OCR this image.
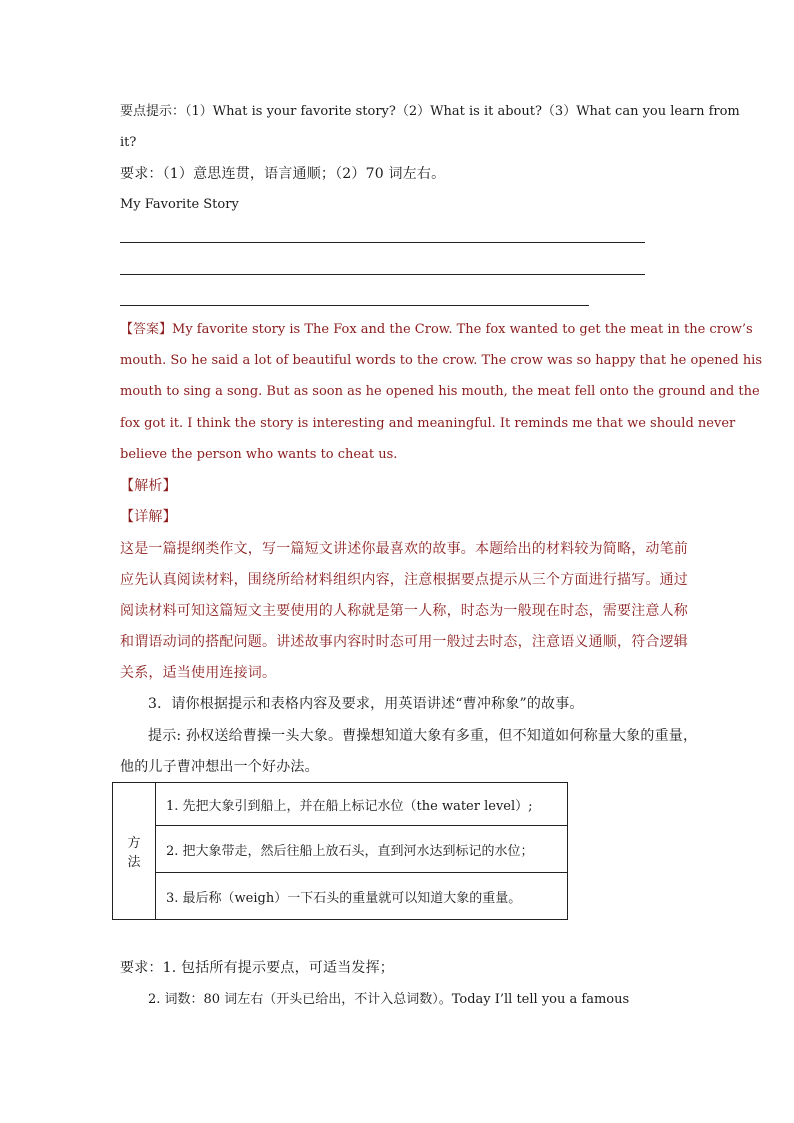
要点提示：（1）What is your favorite story?（2）What is it about?（3）What can you learn from
it?
要求：（1）意思连贯，语言通顺；（2）70 词左右。
My Favorite Story
【答案】My favorite story is The Fox and the Crow. The fox wanted to get the meat in the crow’s
mouth. So he said a lot of beautiful words to the crow. The crow was so happy that he opened his
mouth to sing a song. But as soon as he opened his mouth, the meat fell onto the ground and the
fox got it. I think the story is interesting and meaningful. It reminds me that we should never
believe the person who wants to cheat us.
【解析】
【详解】
这是一篇提纲类作文，写一篇短文讲述你最喜欢的故事。本题给出的材料较为简略，动笔前
应先认真阅读材料，围绕所给材料组织内容，注意根据要点提示从三个方面进行描写。通过
阅读材料可知这篇短文主要使用的人称就是第一人称，时态为一般现在时态，需要注意人称
和谓语动词的搭配问题。讲述故事内容时时态可用一般过去时态，注意语义通顺，符合逻辑
关系，适当使用连接词。
3．请你根据提示和表格内容及要求，用英语讲述“曹冲称象”的故事。
提示: 孙权送给曹操一头大象。曹操想知道大象有多重，但不知道如何称量大象的重量，
他的儿子曹冲想出一个好办法。
方法	1. 先把大象引到船上，并在船上标记水位（the water level）;
2. 把大象带走，然后往船上放石头，直到河水达到标记的水位；
3. 最后称（weigh）一下石头的重量就可以知道大象的重量。
要求：1. 包括所有提示要点，可适当发挥；
2. 词数：80 词左右（开头已给出，不计入总词数）。Today I’ll tell you a famous
